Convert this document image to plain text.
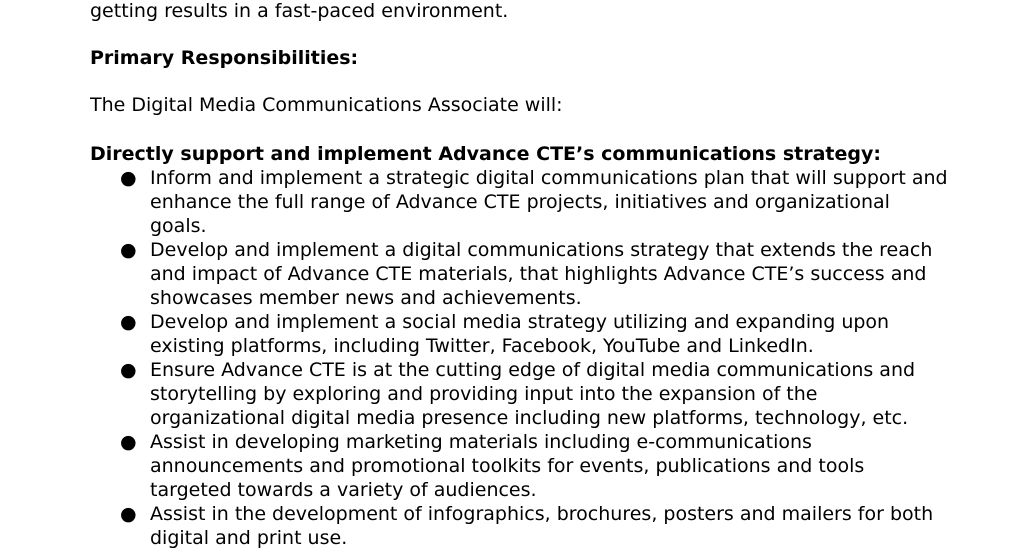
getting results in a fast-paced environment.
Primary Responsibilities:
The Digital Media Communications Associate will:
Directly support and implement Advance CTE’s communications strategy:
● Inform and implement a strategic digital communications plan that will support and enhance the full range of Advance CTE projects, initiatives and organizational goals.
● Develop and implement a digital communications strategy that extends the reach and impact of Advance CTE materials, that highlights Advance CTE’s success and showcases member news and achievements.
● Develop and implement a social media strategy utilizing and expanding upon existing platforms, including Twitter, Facebook, YouTube and LinkedIn.
● Ensure Advance CTE is at the cutting edge of digital media communications and storytelling by exploring and providing input into the expansion of the organizational digital media presence including new platforms, technology, etc.
● Assist in developing marketing materials including e-communications announcements and promotional toolkits for events, publications and tools targeted towards a variety of audiences.
● Assist in the development of infographics, brochures, posters and mailers for both digital and print use.
